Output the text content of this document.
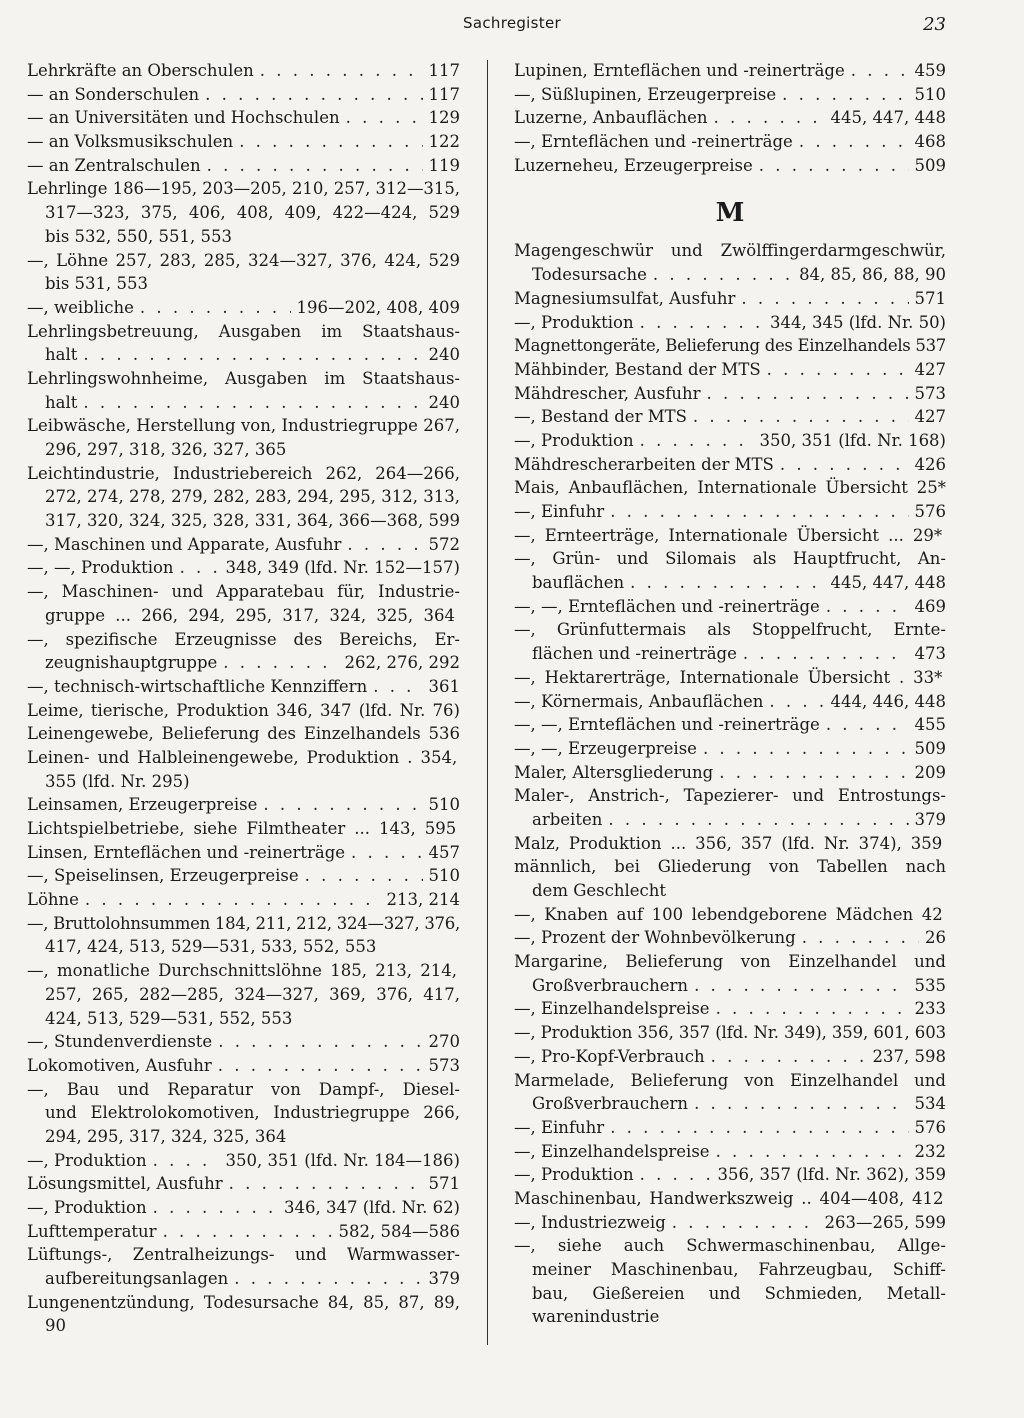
Sachregister	23
Lehrkräfte an Oberschulen . . .	117
— an Sonderschulen . . .	117
— an Universitäten und Hochschulen . . .	129
— an Volksmusikschulen . . .	122
— an Zentralschulen . . .	119
Lehrlinge 186—195, 203—205, 210, 257, 312—315,
317—323, 375, 406, 408, 409, 422—424, 529
bis 532, 550, 551, 553
—, Löhne 257, 283, 285, 324—327, 376, 424, 529
bis 531, 553
—, weibliche . . .	196—202, 408, 409
Lehrlingsbetreuung, Ausgaben im Staatshaus-
halt . . .	240
Lehrlingswohnheime, Ausgaben im Staatshaus-
halt . . .	240
Leibwäsche, Herstellung von, Industriegruppe 267,
296, 297, 318, 326, 327, 365
Leichtindustrie, Industriebereich 262, 264—266,
272, 274, 278, 279, 282, 283, 294, 295, 312, 313,
317, 320, 324, 325, 328, 331, 364, 366—368, 599
—, Maschinen und Apparate, Ausfuhr . . .	572
—, —, Produktion . . .	348, 349 (lfd. Nr. 152—157)
—, Maschinen- und Apparatebau für, Industrie-
gruppe ... 266, 294, 295, 317, 324, 325, 364
—, spezifische Erzeugnisse des Bereichs, Er-
zeugnishauptgruppe . . .	262, 276, 292
—, technisch-wirtschaftliche Kennziffern . . .	361
Leime, tierische, Produktion 346, 347 (lfd. Nr. 76)
Leinengewebe, Belieferung des Einzelhandels 536
Leinen- und Halbleinengewebe, Produktion . 354,
355 (lfd. Nr. 295)
Leinsamen, Erzeugerpreise . . .	510
Lichtspielbetriebe, siehe Filmtheater ... 143, 595
Linsen, Ernteflächen und -reinerträge . . .	457
—, Speiselinsen, Erzeugerpreise . . .	510
Löhne . . .	213, 214
—, Bruttolohnsummen 184, 211, 212, 324—327, 376,
417, 424, 513, 529—531, 533, 552, 553
—, monatliche Durchschnittslöhne 185, 213, 214,
257, 265, 282—285, 324—327, 369, 376, 417,
424, 513, 529—531, 552, 553
—, Stundenverdienste . . .	270
Lokomotiven, Ausfuhr . . .	573
—, Bau und Reparatur von Dampf-, Diesel-
und Elektrolokomotiven, Industriegruppe 266,
294, 295, 317, 324, 325, 364
—, Produktion . . .	350, 351 (lfd. Nr. 184—186)
Lösungsmittel, Ausfuhr . . .	571
—, Produktion . . .	346, 347 (lfd. Nr. 62)
Lufttemperatur . . .	582, 584—586
Lüftungs-, Zentralheizungs- und Warmwasser-
aufbereitungsanlagen . . .	379
Lungenentzündung, Todesursache 84, 85, 87, 89,
90
Lupinen, Ernteflächen und -reinerträge . . .	459
—, Süßlupinen, Erzeugerpreise . . .	510
Luzerne, Anbauflächen . . .	445, 447, 448
—, Ernteflächen und -reinerträge . . .	468
Luzerneheu, Erzeugerpreise . . .	509
M
Magengeschwür und Zwölffingerdarmgeschwür,
Todesursache . . .	84, 85, 86, 88, 90
Magnesiumsulfat, Ausfuhr . . .	571
—, Produktion . . .	344, 345 (lfd. Nr. 50)
Magnettongeräte, Belieferung des Einzelhandels 537
Mähbinder, Bestand der MTS . . .	427
Mähdrescher, Ausfuhr . . .	573
—, Bestand der MTS . . .	427
—, Produktion . . .	350, 351 (lfd. Nr. 168)
Mähdrescherarbeiten der MTS . . .	426
Mais, Anbauflächen, Internationale Übersicht 25*
—, Einfuhr . . .	576
—, Ernteerträge, Internationale Übersicht ... 29*
—, Grün- und Silomais als Hauptfrucht, An-
bauflächen . . .	445, 447, 448
—, —, Ernteflächen und -reinerträge . . .	469
—, Grünfuttermais als Stoppelfrucht, Ernte-
flächen und -reinerträge . . .	473
—, Hektarerträge, Internationale Übersicht . 33*
—, Körnermais, Anbauflächen . . .	444, 446, 448
—, —, Ernteflächen und -reinerträge . . .	455
—, —, Erzeugerpreise . . .	509
Maler, Altersgliederung . . .	209
Maler-, Anstrich-, Tapezierer- und Entrostungs-
arbeiten . . .	379
Malz, Produktion ... 356, 357 (lfd. Nr. 374), 359
männlich, bei Gliederung von Tabellen nach
dem Geschlecht
—, Knaben auf 100 lebendgeborene Mädchen 42
—, Prozent der Wohnbevölkerung . . .	26
Margarine, Belieferung von Einzelhandel und
Großverbrauchern . . .	535
—, Einzelhandelspreise . . .	233
—, Produktion 356, 357 (lfd. Nr. 349), 359, 601, 603
—, Pro-Kopf-Verbrauch . . .	237, 598
Marmelade, Belieferung von Einzelhandel und
Großverbrauchern . . .	534
—, Einfuhr . . .	576
—, Einzelhandelspreise . . .	232
—, Produktion . . .	356, 357 (lfd. Nr. 362), 359
Maschinenbau, Handwerkszweig .. 404—408, 412
—, Industriezweig . . .	263—265, 599
—, siehe auch Schwermaschinenbau, Allge-
meiner Maschinenbau, Fahrzeugbau, Schiff-
bau, Gießereien und Schmieden, Metall-
warenindustrie
